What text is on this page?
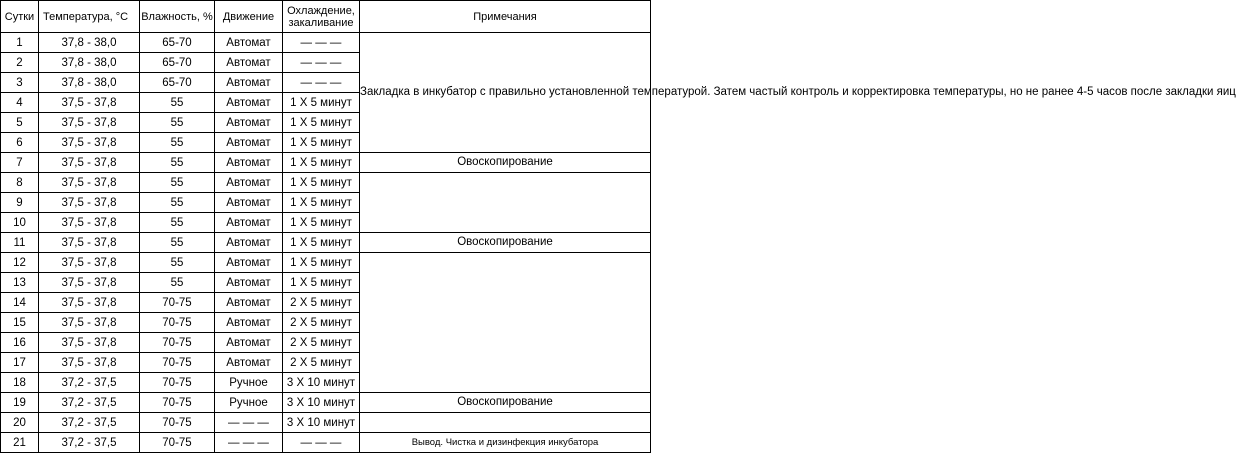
Сутки	Температура, °С	Влажность, %	Движение	Охлаждение, закаливание	Примечания
1	37,8 - 38,0	65-70	Автомат	— — —	Закладка в инкубатор с правильно установленной температурой. Затем частый контроль и корректировка температуры, но не ранее 4-5 часов после закладки яиц
2	37,8 - 38,0	65-70	Автомат	— — —	
3	37,8 - 38,0	65-70	Автомат	— — —	
4	37,5 - 37,8	55	Автомат	1 Х 5 минут	
5	37,5 - 37,8	55	Автомат	1 Х 5 минут	
6	37,5 - 37,8	55	Автомат	1 Х 5 минут	
7	37,5 - 37,8	55	Автомат	1 Х 5 минут	Овоскопирование
8	37,5 - 37,8	55	Автомат	1 Х 5 минут	
9	37,5 - 37,8	55	Автомат	1 Х 5 минут	
10	37,5 - 37,8	55	Автомат	1 Х 5 минут	
11	37,5 - 37,8	55	Автомат	1 Х 5 минут	Овоскопирование
12	37,5 - 37,8	55	Автомат	1 Х 5 минут	
13	37,5 - 37,8	55	Автомат	1 Х 5 минут	
14	37,5 - 37,8	70-75	Автомат	2 Х 5 минут	
15	37,5 - 37,8	70-75	Автомат	2 Х 5 минут	
16	37,5 - 37,8	70-75	Автомат	2 Х 5 минут	
17	37,5 - 37,8	70-75	Автомат	2 Х 5 минут	
18	37,2 - 37,5	70-75	Ручное	3 Х 10 минут	
19	37,2 - 37,5	70-75	Ручное	3 Х 10 минут	Овоскопирование
20	37,2 - 37,5	70-75	— — —	3 Х 10 минут	
21	37,2 - 37,5	70-75	— — —	— — —	Вывод. Чистка и дизинфекция инкубатора
